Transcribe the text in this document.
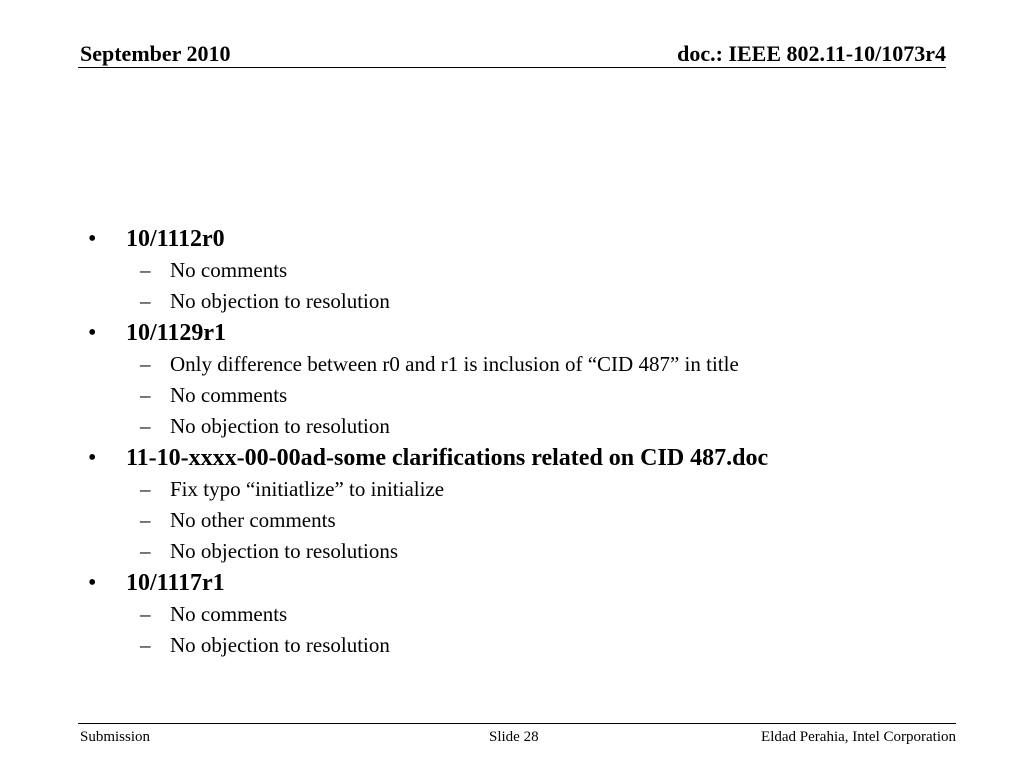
September 2010	doc.: IEEE 802.11-10/1073r4
• 10/1112r0
– No comments
– No objection to resolution
• 10/1129r1
– Only difference between r0 and r1 is inclusion of “CID 487” in title
– No comments
– No objection to resolution
• 11-10-xxxx-00-00ad-some clarifications related on CID 487.doc
– Fix typo “initiatlize” to initialize
– No other comments
– No objection to resolutions
• 10/1117r1
– No comments
– No objection to resolution
Submission	Slide 28	Eldad Perahia, Intel Corporation
